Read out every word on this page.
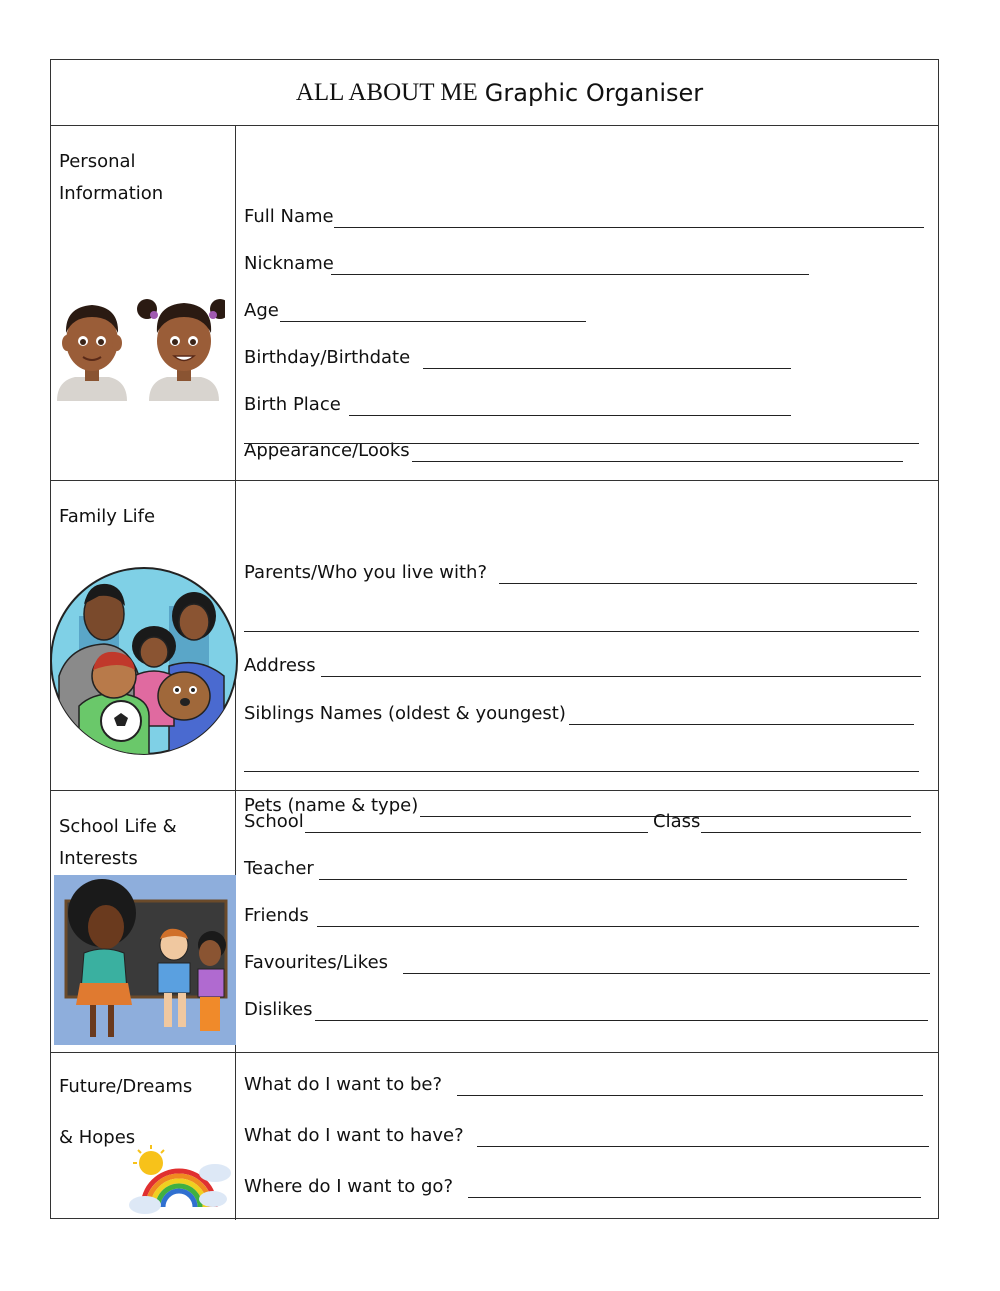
ALL ABOUT ME Graphic Organiser
Personal
Information
Full Name
Nickname
Age
Birthday/Birthdate
Birth Place
Appearance/Looks
Family Life
Parents/Who you live with?
Address
Siblings Names (oldest & youngest)
Pets (name & type)
School Life &
Interests
School	Class
Teacher
Friends
Favourites/Likes
Dislikes
Future/Dreams
& Hopes
What do I want to be?
What do I want to have?
Where do I want to go?
